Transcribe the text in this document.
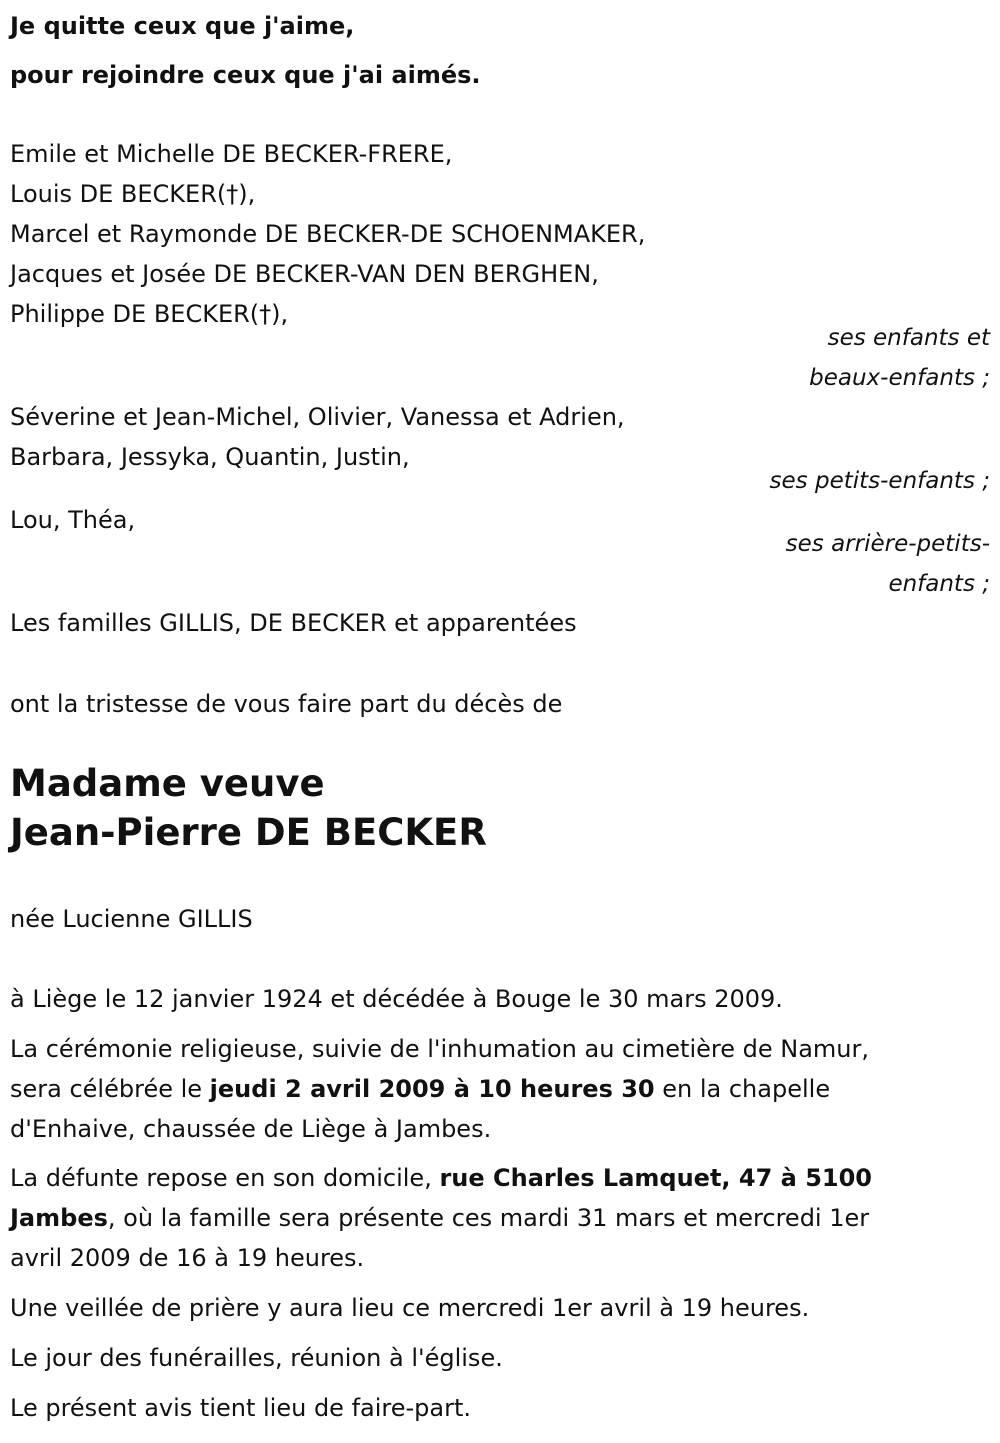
Je quitte ceux que j'aime,
pour rejoindre ceux que j'ai aimés.
Emile et Michelle DE BECKER-FRERE,
Louis DE BECKER(†),
Marcel et Raymonde DE BECKER-DE SCHOENMAKER,
Jacques et Josée DE BECKER-VAN DEN BERGHEN,
Philippe DE BECKER(†),
ses enfants et
beaux-enfants ;
Séverine et Jean-Michel, Olivier, Vanessa et Adrien,
Barbara, Jessyka, Quantin, Justin,
ses petits-enfants ;
Lou, Théa,
ses arrière-petits-
enfants ;
Les familles GILLIS, DE BECKER et apparentées
ont la tristesse de vous faire part du décès de
Madame veuve
Jean-Pierre DE BECKER
née Lucienne GILLIS
à Liège le 12 janvier 1924 et décédée à Bouge le 30 mars 2009.
La cérémonie religieuse, suivie de l'inhumation au cimetière de Namur,
sera célébrée le jeudi 2 avril 2009 à 10 heures 30 en la chapelle
d'Enhaive, chaussée de Liège à Jambes.
La défunte repose en son domicile, rue Charles Lamquet, 47 à 5100
Jambes, où la famille sera présente ces mardi 31 mars et mercredi 1er
avril 2009 de 16 à 19 heures.
Une veillée de prière y aura lieu ce mercredi 1er avril à 19 heures.
Le jour des funérailles, réunion à l'église.
Le présent avis tient lieu de faire-part.
